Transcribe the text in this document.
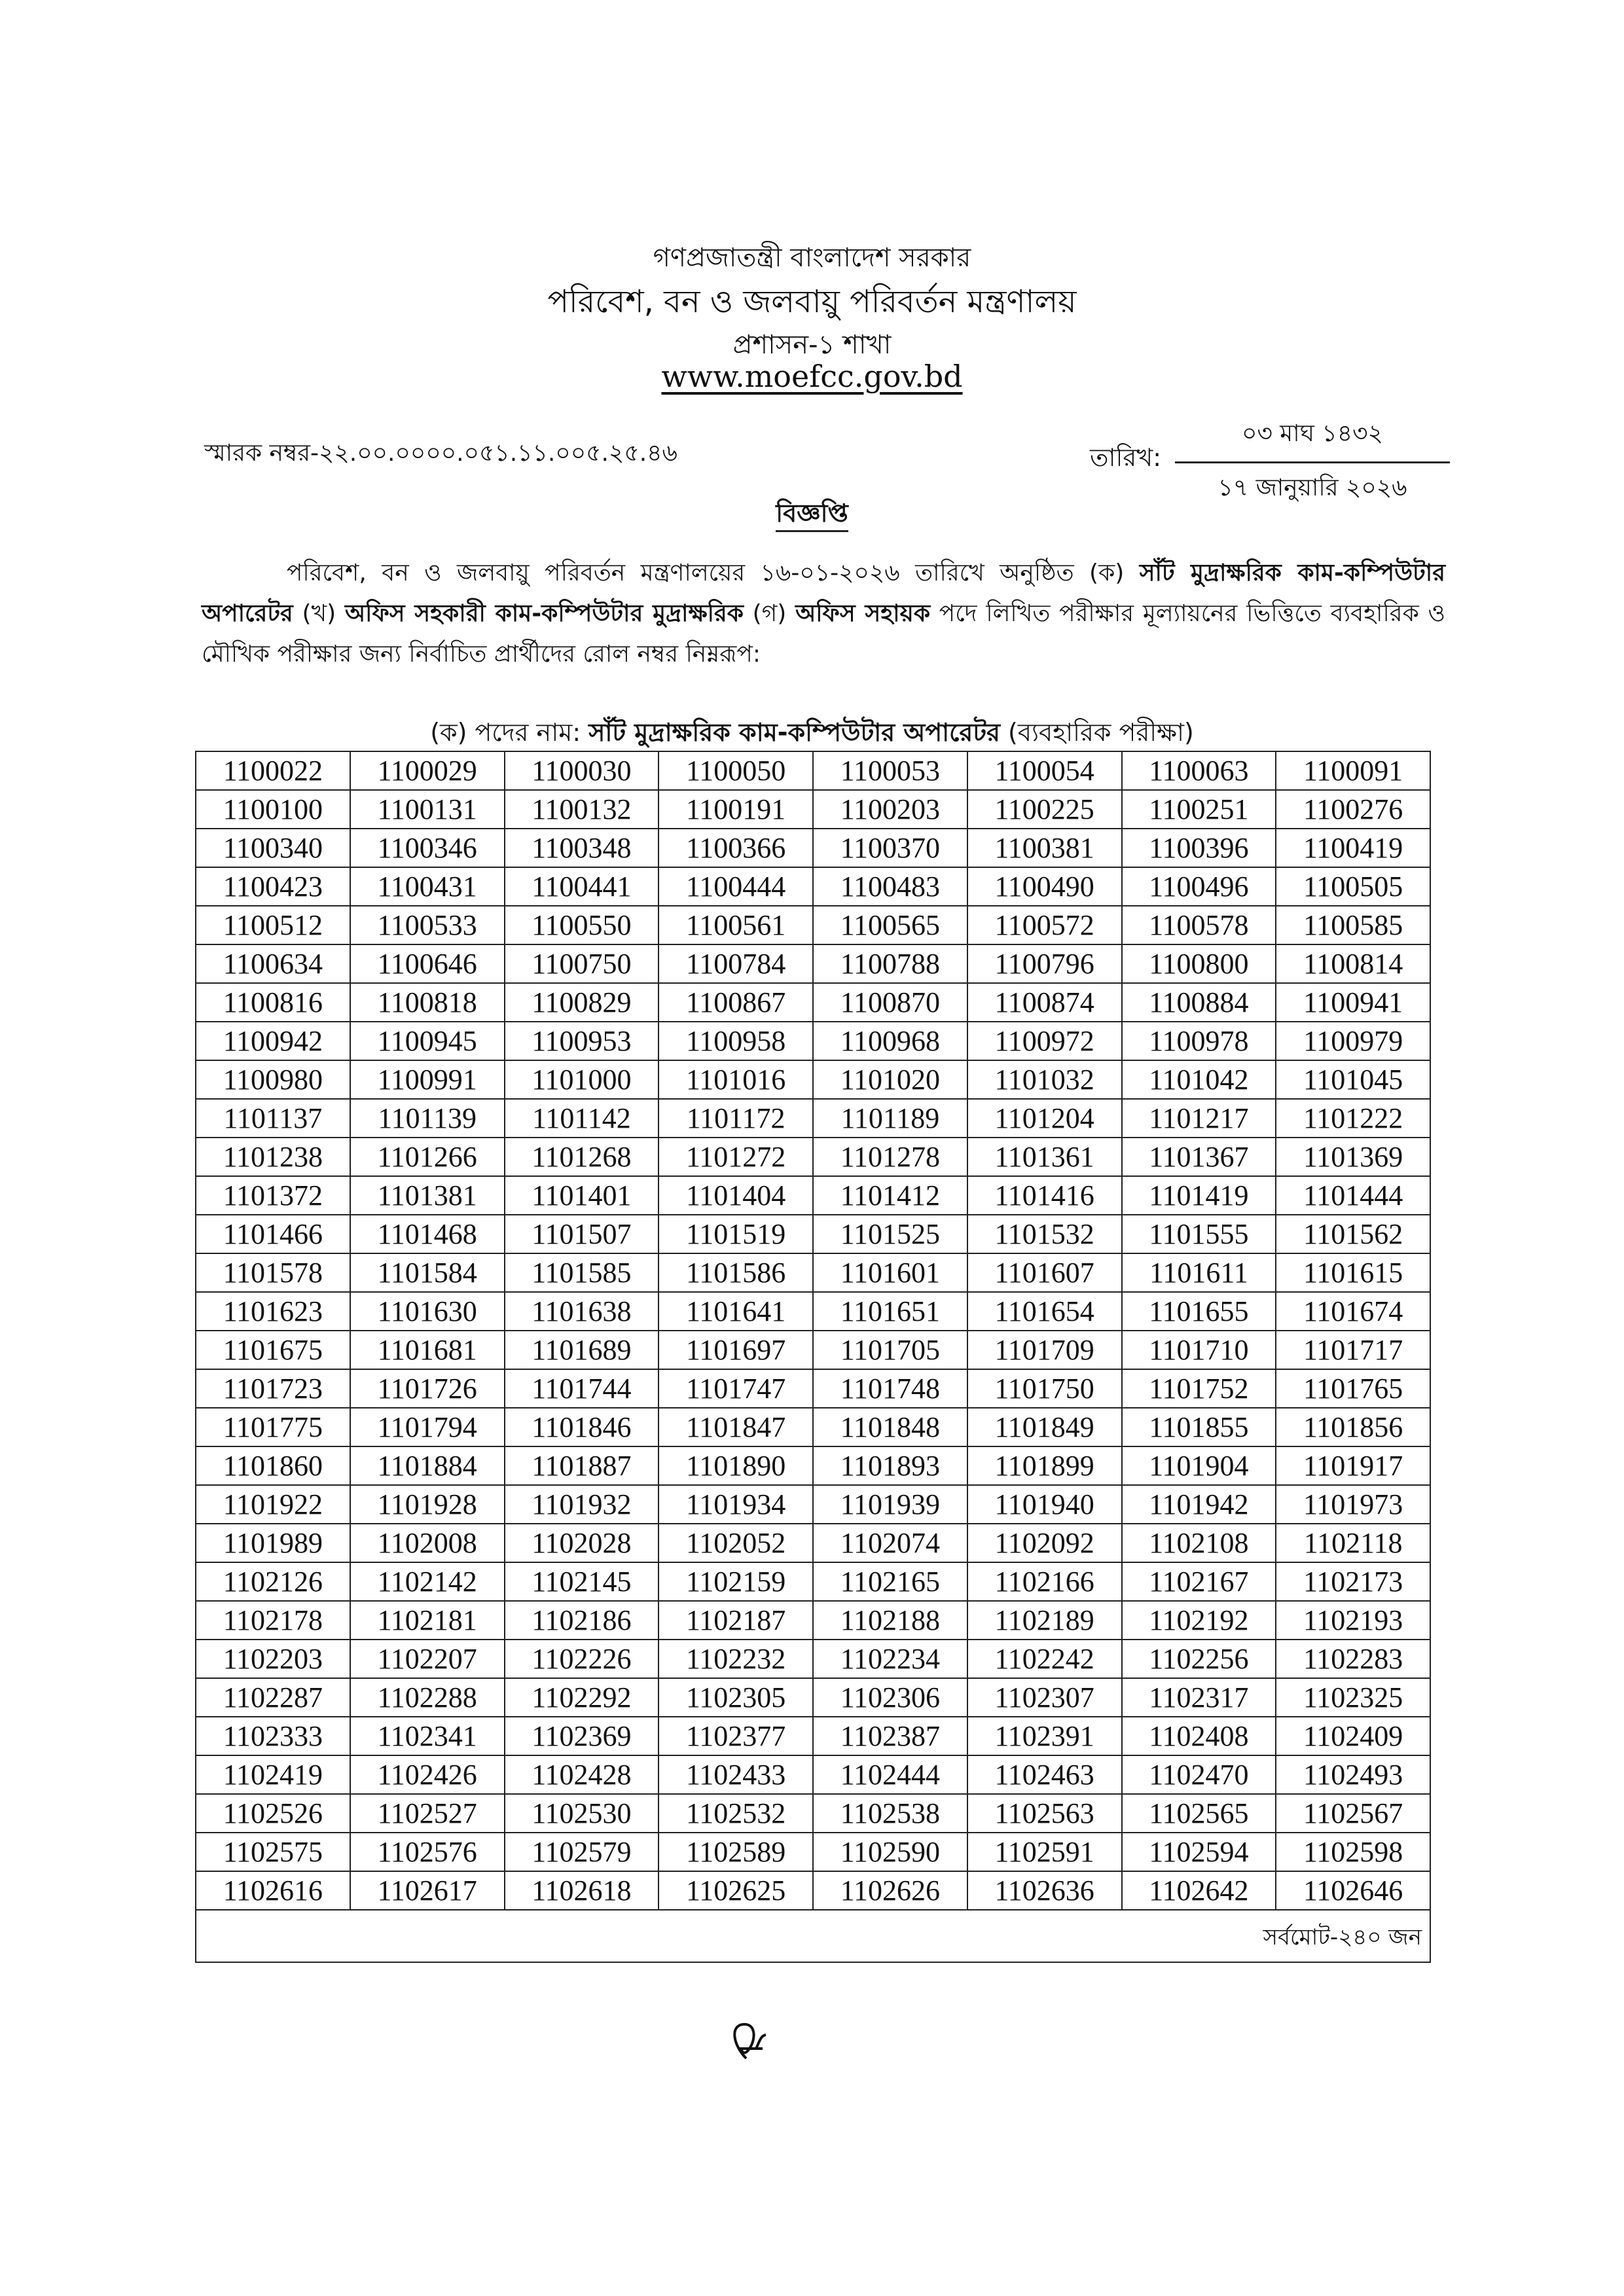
গণপ্রজাতন্ত্রী বাংলাদেশ সরকার
পরিবেশ, বন ও জলবায়ু পরিবর্তন মন্ত্রণালয়
প্রশাসন-১ শাখা
www.moefcc.gov.bd
স্মারক নম্বর-২২.০০.০০০০.০৫১.১১.০০৫.২৫.৪৬	তারিখ:
০৩ মাঘ ১৪৩২
১৭ জানুয়ারি ২০২৬
বিজ্ঞপ্তি
পরিবেশ, বন ও জলবায়ু পরিবর্তন মন্ত্রণালয়ের ১৬-০১-২০২৬ তারিখে অনুষ্ঠিত (ক) সাঁট মুদ্রাক্ষরিক কাম-কম্পিউটার অপারেটর (খ) অফিস সহকারী কাম-কম্পিউটার মুদ্রাক্ষরিক (গ) অফিস সহায়ক পদে লিখিত পরীক্ষার মূল্যায়নের ভিত্তিতে ব্যবহারিক ও মৌখিক পরীক্ষার জন্য নির্বাচিত প্রার্থীদের রোল নম্বর নিম্নরূপ:
(ক) পদের নাম: সাঁট মুদ্রাক্ষরিক কাম-কম্পিউটার অপারেটর (ব্যবহারিক পরীক্ষা)
1100022	1100029	1100030	1100050	1100053	1100054	1100063	1100091
1100100	1100131	1100132	1100191	1100203	1100225	1100251	1100276
1100340	1100346	1100348	1100366	1100370	1100381	1100396	1100419
1100423	1100431	1100441	1100444	1100483	1100490	1100496	1100505
1100512	1100533	1100550	1100561	1100565	1100572	1100578	1100585
1100634	1100646	1100750	1100784	1100788	1100796	1100800	1100814
1100816	1100818	1100829	1100867	1100870	1100874	1100884	1100941
1100942	1100945	1100953	1100958	1100968	1100972	1100978	1100979
1100980	1100991	1101000	1101016	1101020	1101032	1101042	1101045
1101137	1101139	1101142	1101172	1101189	1101204	1101217	1101222
1101238	1101266	1101268	1101272	1101278	1101361	1101367	1101369
1101372	1101381	1101401	1101404	1101412	1101416	1101419	1101444
1101466	1101468	1101507	1101519	1101525	1101532	1101555	1101562
1101578	1101584	1101585	1101586	1101601	1101607	1101611	1101615
1101623	1101630	1101638	1101641	1101651	1101654	1101655	1101674
1101675	1101681	1101689	1101697	1101705	1101709	1101710	1101717
1101723	1101726	1101744	1101747	1101748	1101750	1101752	1101765
1101775	1101794	1101846	1101847	1101848	1101849	1101855	1101856
1101860	1101884	1101887	1101890	1101893	1101899	1101904	1101917
1101922	1101928	1101932	1101934	1101939	1101940	1101942	1101973
1101989	1102008	1102028	1102052	1102074	1102092	1102108	1102118
1102126	1102142	1102145	1102159	1102165	1102166	1102167	1102173
1102178	1102181	1102186	1102187	1102188	1102189	1102192	1102193
1102203	1102207	1102226	1102232	1102234	1102242	1102256	1102283
1102287	1102288	1102292	1102305	1102306	1102307	1102317	1102325
1102333	1102341	1102369	1102377	1102387	1102391	1102408	1102409
1102419	1102426	1102428	1102433	1102444	1102463	1102470	1102493
1102526	1102527	1102530	1102532	1102538	1102563	1102565	1102567
1102575	1102576	1102579	1102589	1102590	1102591	1102594	1102598
1102616	1102617	1102618	1102625	1102626	1102636	1102642	1102646
সর্বমোট-২৪০ জন							
